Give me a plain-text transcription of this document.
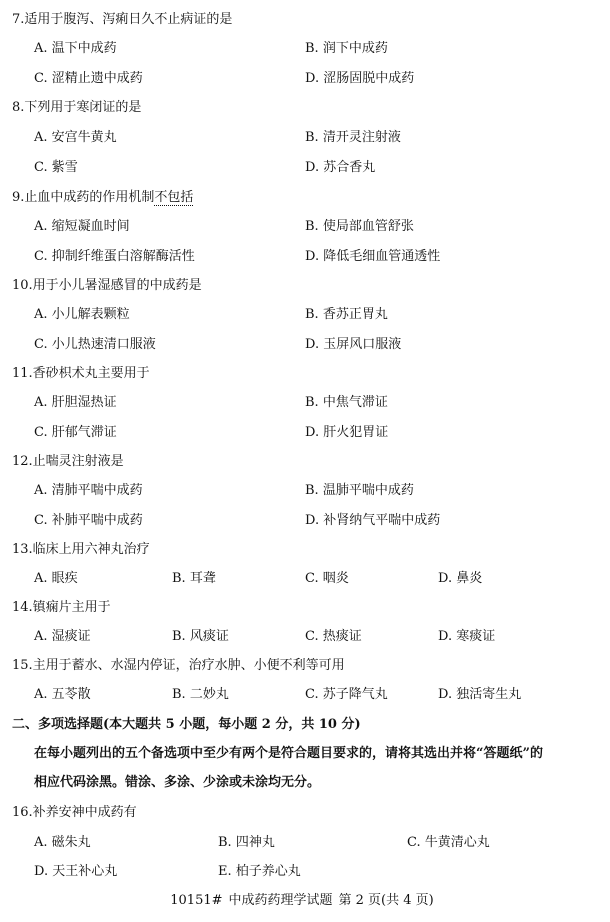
7.适用于腹泻、泻痢日久不止病证的是
A. 温下中成药	B. 润下中成药
C. 涩精止遗中成药	D. 涩肠固脱中成药
8.下列用于寒闭证的是
A. 安宫牛黄丸	B. 清开灵注射液
C. 紫雪	D. 苏合香丸
9.止血中成药的作用机制不包括
A. 缩短凝血时间	B. 使局部血管舒张
C. 抑制纤维蛋白溶解酶活性	D. 降低毛细血管通透性
10.用于小儿暑湿感冒的中成药是
A. 小儿解表颗粒	B. 香苏正胃丸
C. 小儿热速清口服液	D. 玉屏风口服液
11.香砂枳术丸主要用于
A. 肝胆湿热证	B. 中焦气滞证
C. 肝郁气滞证	D. 肝火犯胃证
12.止喘灵注射液是
A. 清肺平喘中成药	B. 温肺平喘中成药
C. 补肺平喘中成药	D. 补肾纳气平喘中成药
13.临床上用六神丸治疗
A. 眼疾	B. 耳聋	C. 咽炎	D. 鼻炎
14.镇痫片主用于
A. 湿痰证	B. 风痰证	C. 热痰证	D. 寒痰证
15.主用于蓄水、水湿内停证，治疗水肿、小便不利等可用
A. 五苓散	B. 二妙丸	C. 苏子降气丸	D. 独活寄生丸
二、多项选择题(本大题共 5 小题，每小题 2 分，共 10 分)
在每小题列出的五个备选项中至少有两个是符合题目要求的，请将其选出并将“答题纸”的
相应代码涂黑。错涂、多涂、少涂或未涂均无分。
16.补养安神中成药有
A. 磁朱丸	B. 四神丸	C. 牛黄清心丸
D. 天王补心丸	E. 柏子养心丸
10151# 中成药药理学试题 第 2 页(共 4 页)
